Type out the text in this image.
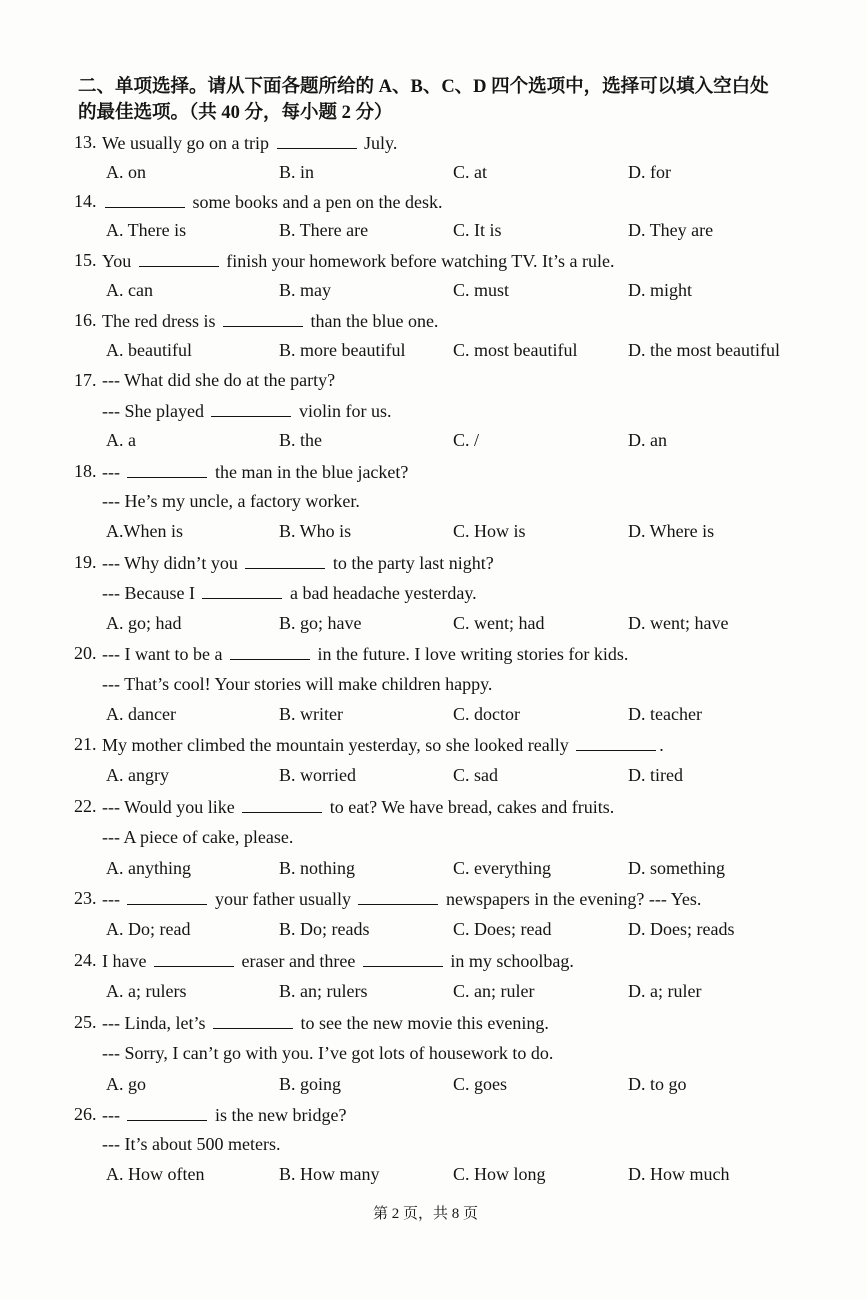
二、单项选择。请从下面各题所给的 A、B、C、D 四个选项中，选择可以填入空白处
的最佳选项。（共 40 分，每小题 2 分）
13. We usually go on a trip	July.
A. on	B. in	C. at	D. for
14.	some books and a pen on the desk.
A. There is	B. There are	C. It is	D. They are
15. You	finish your homework before watching TV. It’s a rule.
A. can	B. may	C. must	D. might
16. The red dress is	than the blue one.
A. beautiful	B. more beautiful	C. most beautiful	D. the most beautiful
17. --- What did she do at the party?
--- She played	violin for us.
A. a	B. the	C. /	D. an
18. ---	the man in the blue jacket?
--- He’s my uncle, a factory worker.
A.When is	B. Who is	C. How is	D. Where is
19. --- Why didn’t you	to the party last night?
--- Because I	a bad headache yesterday.
A. go; had	B. go; have	C. went; had	D. went; have
20. --- I want to be a	in the future. I love writing stories for kids.
--- That’s cool! Your stories will make children happy.
A. dancer	B. writer	C. doctor	D. teacher
21. My mother climbed the mountain yesterday, so she looked really	.
A. angry	B. worried	C. sad	D. tired
22. --- Would you like	to eat? We have bread, cakes and fruits.
--- A piece of cake, please.
A. anything	B. nothing	C. everything	D. something
23. ---	your father usually	newspapers in the evening? --- Yes.
A. Do; read	B. Do; reads	C. Does; read	D. Does; reads
24. I have	eraser and three	in my schoolbag.
A. a; rulers	B. an; rulers	C. an; ruler	D. a; ruler
25. --- Linda, let’s	to see the new movie this evening.
--- Sorry, I can’t go with you. I’ve got lots of housework to do.
A. go	B. going	C. goes	D. to go
26. ---	is the new bridge?
--- It’s about 500 meters.
A. How often	B. How many	C. How long	D. How much
第 2 页，共 8 页
